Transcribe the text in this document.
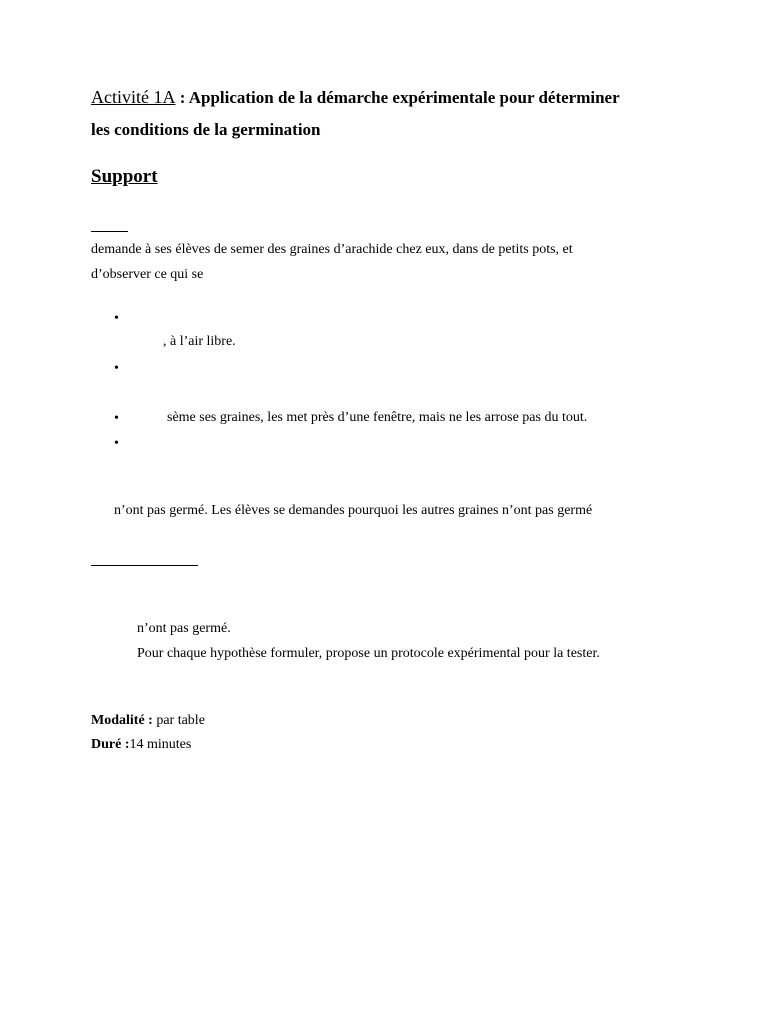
Activité 1A : Application de la démarche expérimentale pour déterminer
les conditions de la germination
Support
demande à ses élèves de semer des graines d’arachide chez eux, dans de petits pots, et
d’observer ce qui se
•
, à l’air libre.
•
•	sème ses graines, les met près d’une fenêtre, mais ne les arrose pas du tout.
•
n’ont pas germé. Les élèves se demandes pourquoi les autres graines n’ont pas germé
n’ont pas germé.
Pour chaque hypothèse formuler, propose un protocole expérimental pour la tester.
Modalité : par table
Duré :14 minutes
